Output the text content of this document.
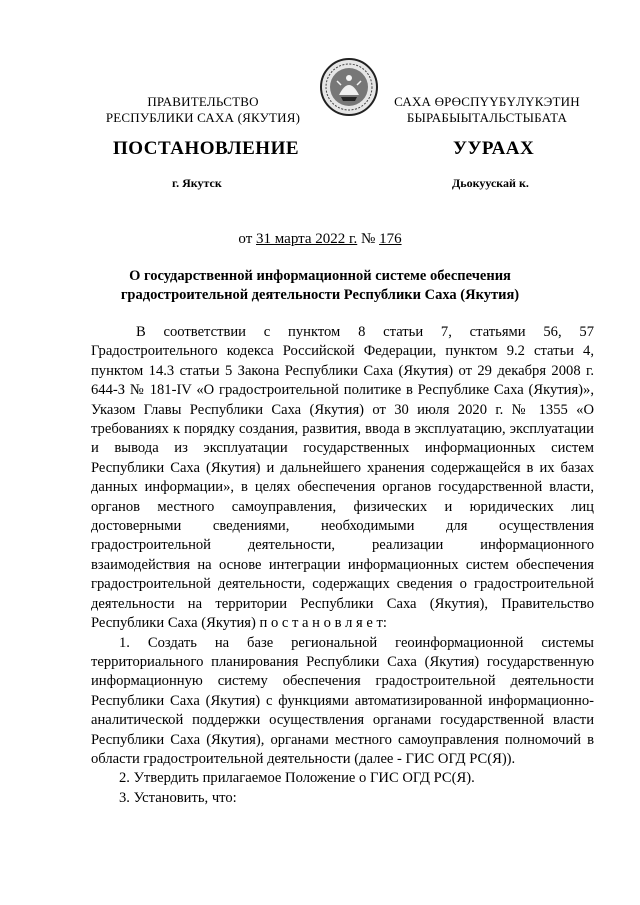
ПРАВИТЕЛЬСТВО
РЕСПУБЛИКИ САХА (ЯКУТИЯ)
САХА ӨРӨСПҮҮБҮЛҮКЭТИН
БЫРАБЫЫТАЛЬСТЫБАТА
ПОСТАНОВЛЕНИЕ	УУРААХ
г. Якутск	Дьокуускай к.
от 31 марта 2022 г. № 176
О государственной информационной системе обеспечения
градостроительной деятельности Республики Саха (Якутия)

В соответствии с пунктом 8 статьи 7, статьями 56, 57 Градостроительного кодекса Российской Федерации, пунктом 9.2 статьи 4, пунктом 14.3 статьи 5 Закона Республики Саха (Якутия) от 29 декабря 2008 г. 644-З № 181-IV «О градостроительной политике в Республике Саха (Якутия)», Указом Главы Республики Саха (Якутия) от 30 июля 2020 г. № 1355 «О требованиях к порядку создания, развития, ввода в эксплуатацию, эксплуатации и вывода из эксплуатации государственных информационных систем Республики Саха (Якутия) и дальнейшего хранения содержащейся в их базах данных информации», в целях обеспечения органов государственной власти, органов местного самоуправления, физических и юридических лиц достоверными сведениями, необходимыми для осуществления градостроительной деятельности, реализации информационного взаимодействия на основе интеграции информационных систем обеспечения градостроительной деятельности, содержащих сведения о градостроительной деятельности на территории Республики Саха (Якутия), Правительство Республики Саха (Якутия) п о с т а н о в л я е т:

1. Создать на базе региональной геоинформационной системы территориального планирования Республики Саха (Якутия) государственную информационную систему обеспечения градостроительной деятельности Республики Саха (Якутия) с функциями автоматизированной информационно-аналитической поддержки осуществления органами государственной власти Республики Саха (Якутия), органами местного самоуправления полномочий в области градостроительной деятельности (далее - ГИС ОГД РС(Я)).

2. Утвердить прилагаемое Положение о ГИС ОГД РС(Я).

3. Установить, что:
